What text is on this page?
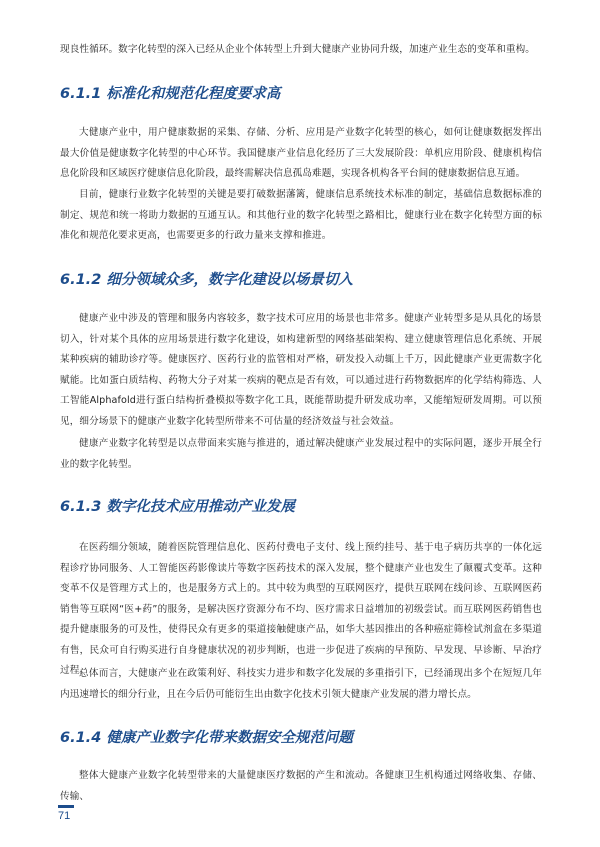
现良性循环。数字化转型的深入已经从企业个体转型上升到大健康产业协同升级，加速产业生态的变革和重构。

6.1.1 标准化和规范化程度要求高

大健康产业中，用户健康数据的采集、存储、分析、应用是产业数字化转型的核心，如何让健康数据发挥出最大价值是健康数字化转型的中心环节。我国健康产业信息化经历了三大发展阶段：单机应用阶段、健康机构信息化阶段和区域医疗健康信息化阶段，最终需解决信息孤岛难题，实现各机构各平台间的健康数据信息互通。

目前，健康行业数字化转型的关键是要打破数据藩篱，健康信息系统技术标准的制定，基础信息数据标准的制定、规范和统一将助力数据的互通互认。和其他行业的数字化转型之路相比，健康行业在数字化转型方面的标准化和规范化要求更高，也需要更多的行政力量来支撑和推进。

6.1.2 细分领域众多，数字化建设以场景切入

健康产业中涉及的管理和服务内容较多，数字技术可应用的场景也非常多。健康产业转型多是从具化的场景切入，针对某个具体的应用场景进行数字化建设，如构建新型的网络基础架构、建立健康管理信息化系统、开展某种疾病的辅助诊疗等。健康医疗、医药行业的监管相对严格，研发投入动辄上千万，因此健康产业更需数字化赋能。比如蛋白质结构、药物大分子对某一疾病的靶点是否有效，可以通过进行药物数据库的化学结构筛选、人工智能Alphafold进行蛋白结构折叠模拟等数字化工具，既能帮助提升研发成功率，又能缩短研发周期。可以预见，细分场景下的健康产业数字化转型所带来不可估量的经济效益与社会效益。

健康产业数字化转型是以点带面来实施与推进的，通过解决健康产业发展过程中的实际问题，逐步开展全行业的数字化转型。

6.1.3 数字化技术应用推动产业发展

在医药细分领域，随着医院管理信息化、医药付费电子支付、线上预约挂号、基于电子病历共享的一体化远程诊疗协同服务、人工智能医药影像读片等数字医药技术的深入发展，整个健康产业也发生了颠覆式变革。这种变革不仅是管理方式上的，也是服务方式上的。其中较为典型的互联网医疗，提供互联网在线问诊、互联网医药销售等互联网“医+药”的服务，是解决医疗资源分布不均、医疗需求日益增加的初级尝试。而互联网医药销售也提升健康服务的可及性，使得民众有更多的渠道接触健康产品，如华大基因推出的各种癌症筛检试剂盒在多渠道有售，民众可自行购买进行自身健康状况的初步判断，也进一步促进了疾病的早预防、早发现、早诊断、早治疗过程。

总体而言，大健康产业在政策利好、科技实力进步和数字化发展的多重指引下，已经涌现出多个在短短几年内迅速增长的细分行业，且在今后仍可能衍生出由数字化技术引领大健康产业发展的潜力增长点。

6.1.4 健康产业数字化带来数据安全规范问题

整体大健康产业数字化转型带来的大量健康医疗数据的产生和流动。各健康卫生机构通过网络收集、存储、传输、

71
